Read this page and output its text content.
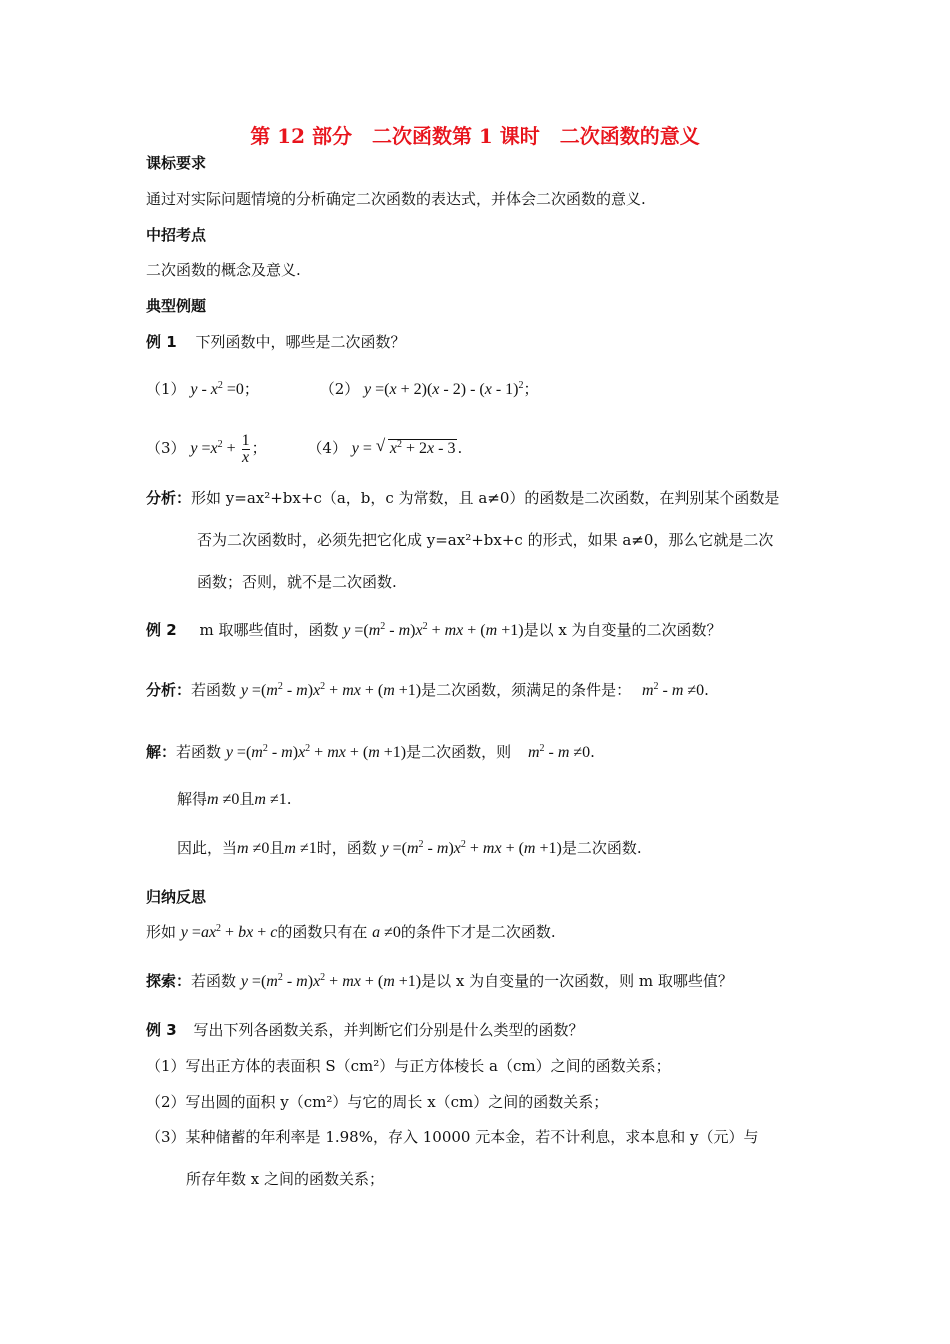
第 12 部分　二次函数第 1 课时　二次函数的意义
课标要求
通过对实际问题情境的分析确定二次函数的表达式，并体会二次函数的意义.
中招考点
二次函数的概念及意义.
典型例题
例 1 下列函数中，哪些是二次函数？
（1） $y - x^2 =0$；	（2） y =(x + 2)(x - 2) - (x - 1)$^2$；
（3） $y =x^2 + \frac{1}{x}$ ；	（4） y = √ $x^2 + 2x - 3$ .
分析：形如 y=ax²+bx+c（a，b，c 为常数，且 a≠0）的函数是二次函数，在判别某个函数是
否为二次函数时，必须先把它化成 y=ax²+bx+c 的形式，如果 a≠0，那么它就是二次
函数；否则，就不是二次函数.
例 2 m 取哪些值时，函数 $y =(m^2 - m)x^2$ + mx + (m +1)是以 x 为自变量的二次函数？
分析：若函数 $y =(m^2 - m)x^2$ + mx + (m +1)是二次函数，须满足的条件是： $m^2 - m \ne 0$.
解：若函数 $y =(m^2 - m)x^2$ + mx + (m +1)是二次函数，则 $m^2 - m \ne 0$.
解得m ≠0且m ≠1.
因此，当m ≠0且m ≠1时，函数 $y =(m^2 - m)x^2$ + mx + (m +1)是二次函数.
归纳反思
形如 $y =ax^2$ + bx + c的函数只有在 a ≠0的条件下才是二次函数.
探索：若函数 $y =(m^2 - m)x^2$ + mx + (m +1)是以 x 为自变量的一次函数，则 m 取哪些值？
例 3 写出下列各函数关系，并判断它们分别是什么类型的函数？
（1）写出正方体的表面积 S（cm²）与正方体棱长 a（cm）之间的函数关系；
（2）写出圆的面积 y（cm²）与它的周长 x（cm）之间的函数关系；
（3）某种储蓄的年利率是 1.98%，存入 10000 元本金，若不计利息，求本息和 y（元）与
所存年数 x 之间的函数关系；
